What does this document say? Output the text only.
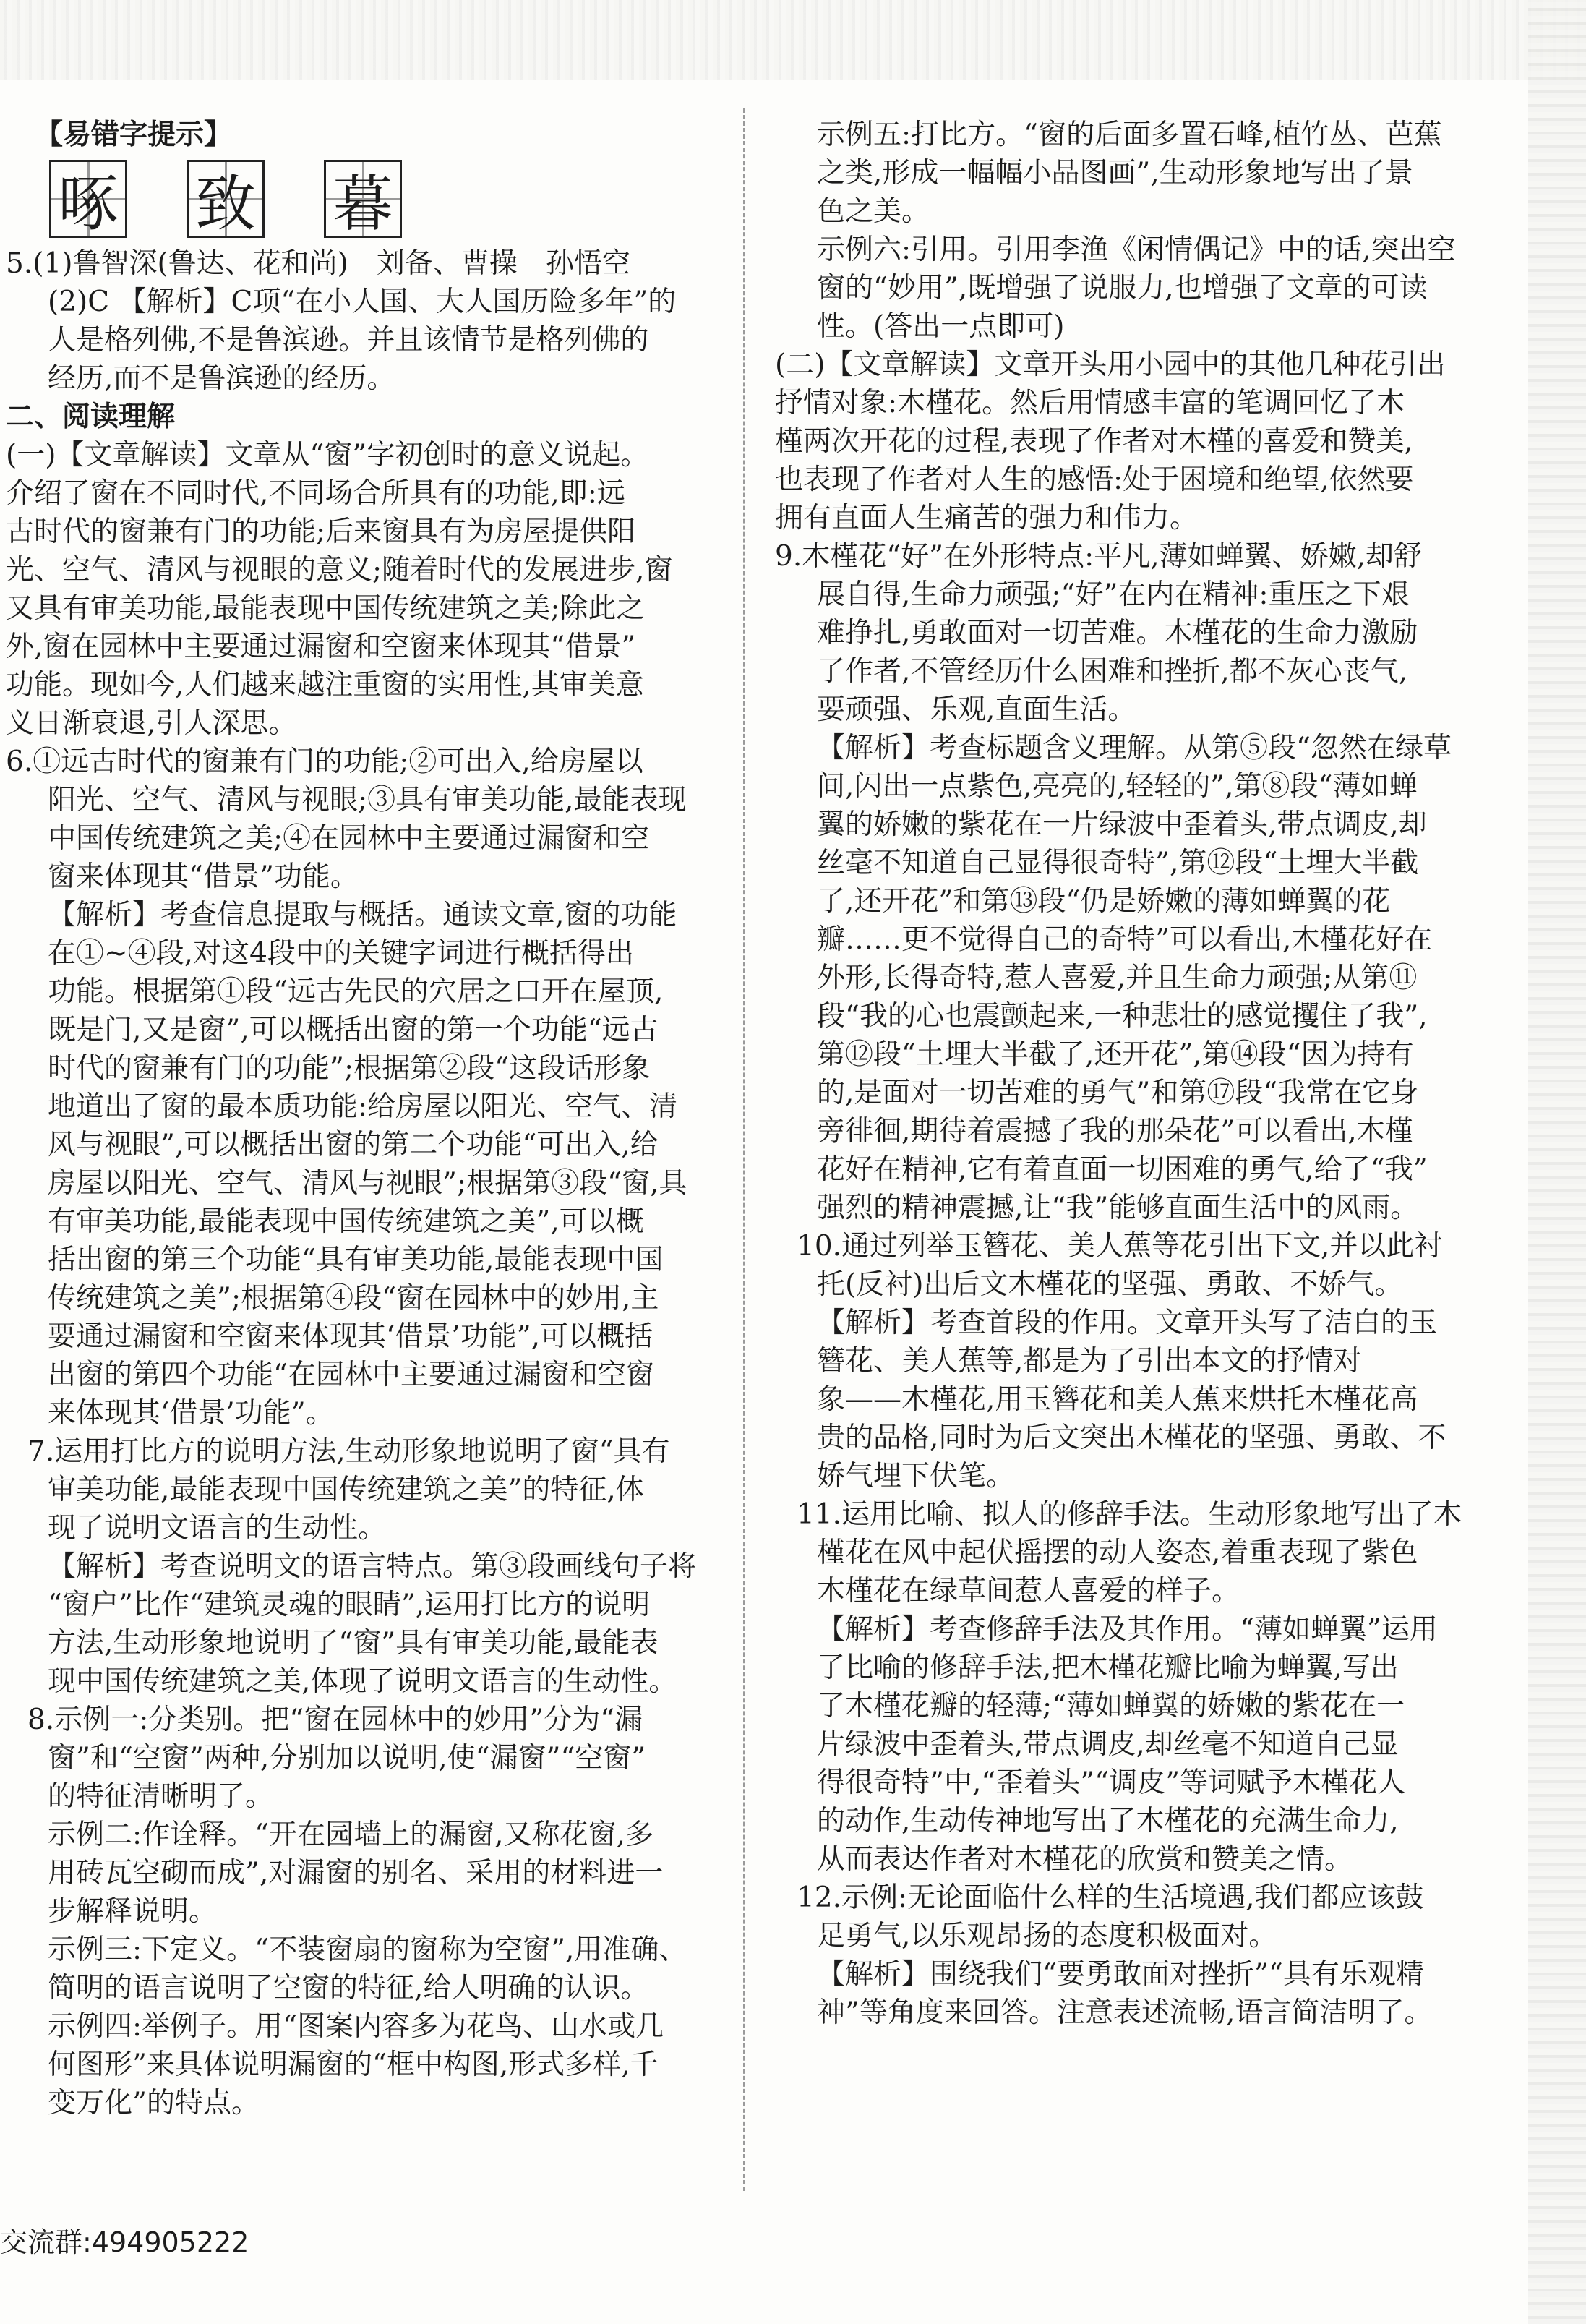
【易错字提示】
啄 致 暮
5.(1)鲁智深(鲁达、花和尚)　刘备、曹操　孙悟空
(2)C 【解析】C项“在小人国、大人国历险多年”的
人是格列佛,不是鲁滨逊。并且该情节是格列佛的
经历,而不是鲁滨逊的经历。
二、阅读理解
(一)【文章解读】文章从“窗”字初创时的意义说起。
介绍了窗在不同时代,不同场合所具有的功能,即:远
古时代的窗兼有门的功能;后来窗具有为房屋提供阳
光、空气、清风与视眼的意义;随着时代的发展进步,窗
又具有审美功能,最能表现中国传统建筑之美;除此之
外,窗在园林中主要通过漏窗和空窗来体现其“借景”
功能。现如今,人们越来越注重窗的实用性,其审美意
义日渐衰退,引人深思。
6.①远古时代的窗兼有门的功能;②可出入,给房屋以
阳光、空气、清风与视眼;③具有审美功能,最能表现
中国传统建筑之美;④在园林中主要通过漏窗和空
窗来体现其“借景”功能。
【解析】考查信息提取与概括。通读文章,窗的功能
在①~④段,对这4段中的关键字词进行概括得出
功能。根据第①段“远古先民的穴居之口开在屋顶,
既是门,又是窗”,可以概括出窗的第一个功能“远古
时代的窗兼有门的功能”;根据第②段“这段话形象
地道出了窗的最本质功能:给房屋以阳光、空气、清
风与视眼”,可以概括出窗的第二个功能“可出入,给
房屋以阳光、空气、清风与视眼”;根据第③段“窗,具
有审美功能,最能表现中国传统建筑之美”,可以概
括出窗的第三个功能“具有审美功能,最能表现中国
传统建筑之美”;根据第④段“窗在园林中的妙用,主
要通过漏窗和空窗来体现其‘借景’功能”,可以概括
出窗的第四个功能“在园林中主要通过漏窗和空窗
来体现其‘借景’功能”。
7.运用打比方的说明方法,生动形象地说明了窗“具有
审美功能,最能表现中国传统建筑之美”的特征,体
现了说明文语言的生动性。
【解析】考查说明文的语言特点。第③段画线句子将
“窗户”比作“建筑灵魂的眼睛”,运用打比方的说明
方法,生动形象地说明了“窗”具有审美功能,最能表
现中国传统建筑之美,体现了说明文语言的生动性。
8.示例一:分类别。把“窗在园林中的妙用”分为“漏
窗”和“空窗”两种,分别加以说明,使“漏窗”“空窗”
的特征清晰明了。
示例二:作诠释。“开在园墙上的漏窗,又称花窗,多
用砖瓦空砌而成”,对漏窗的别名、采用的材料进一
步解释说明。
示例三:下定义。“不装窗扇的窗称为空窗”,用准确、
简明的语言说明了空窗的特征,给人明确的认识。
示例四:举例子。用“图案内容多为花鸟、山水或几
何图形”来具体说明漏窗的“框中构图,形式多样,千
变万化”的特点。
示例五:打比方。“窗的后面多置石峰,植竹丛、芭蕉
之类,形成一幅幅小品图画”,生动形象地写出了景
色之美。
示例六:引用。引用李渔《闲情偶记》中的话,突出空
窗的“妙用”,既增强了说服力,也增强了文章的可读
性。(答出一点即可)
(二)【文章解读】文章开头用小园中的其他几种花引出
抒情对象:木槿花。然后用情感丰富的笔调回忆了木
槿两次开花的过程,表现了作者对木槿的喜爱和赞美,
也表现了作者对人生的感悟:处于困境和绝望,依然要
拥有直面人生痛苦的强力和伟力。
9.木槿花“好”在外形特点:平凡,薄如蝉翼、娇嫩,却舒
展自得,生命力顽强;“好”在内在精神:重压之下艰
难挣扎,勇敢面对一切苦难。木槿花的生命力激励
了作者,不管经历什么困难和挫折,都不灰心丧气,
要顽强、乐观,直面生活。
【解析】考查标题含义理解。从第⑤段“忽然在绿草
间,闪出一点紫色,亮亮的,轻轻的”,第⑧段“薄如蝉
翼的娇嫩的紫花在一片绿波中歪着头,带点调皮,却
丝毫不知道自己显得很奇特”,第⑫段“土埋大半截
了,还开花”和第⑬段“仍是娇嫩的薄如蝉翼的花
瓣……更不觉得自己的奇特”可以看出,木槿花好在
外形,长得奇特,惹人喜爱,并且生命力顽强;从第⑪
段“我的心也震颤起来,一种悲壮的感觉攫住了我”,
第⑫段“土埋大半截了,还开花”,第⑭段“因为持有
的,是面对一切苦难的勇气”和第⑰段“我常在它身
旁徘徊,期待着震撼了我的那朵花”可以看出,木槿
花好在精神,它有着直面一切困难的勇气,给了“我”
强烈的精神震撼,让“我”能够直面生活中的风雨。
10.通过列举玉簪花、美人蕉等花引出下文,并以此衬
托(反衬)出后文木槿花的坚强、勇敢、不娇气。
【解析】考查首段的作用。文章开头写了洁白的玉
簪花、美人蕉等,都是为了引出本文的抒情对
象——木槿花,用玉簪花和美人蕉来烘托木槿花高
贵的品格,同时为后文突出木槿花的坚强、勇敢、不
娇气埋下伏笔。
11.运用比喻、拟人的修辞手法。生动形象地写出了木
槿花在风中起伏摇摆的动人姿态,着重表现了紫色
木槿花在绿草间惹人喜爱的样子。
【解析】考查修辞手法及其作用。“薄如蝉翼”运用
了比喻的修辞手法,把木槿花瓣比喻为蝉翼,写出
了木槿花瓣的轻薄;“薄如蝉翼的娇嫩的紫花在一
片绿波中歪着头,带点调皮,却丝毫不知道自己显
得很奇特”中,“歪着头”“调皮”等词赋予木槿花人
的动作,生动传神地写出了木槿花的充满生命力,
从而表达作者对木槿花的欣赏和赞美之情。
12.示例:无论面临什么样的生活境遇,我们都应该鼓
足勇气,以乐观昂扬的态度积极面对。
【解析】围绕我们“要勇敢面对挫折”“具有乐观精
神”等角度来回答。注意表述流畅,语言简洁明了。
交流群:494905222
